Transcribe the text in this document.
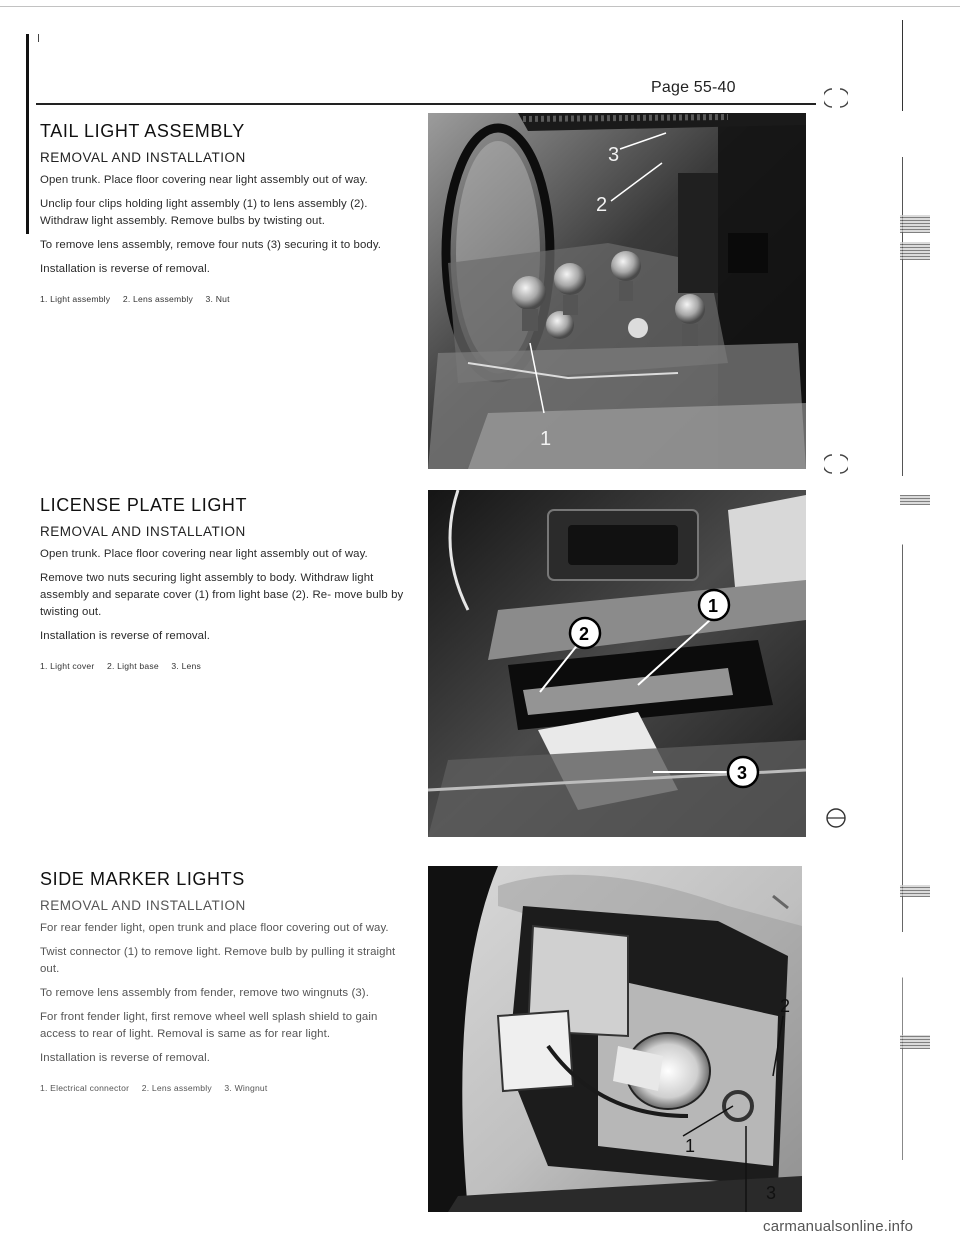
Page 55-40
TAIL LIGHT ASSEMBLY
REMOVAL AND INSTALLATION

Open trunk. Place floor covering near light assembly out of way.

Unclip four clips holding light assembly (1) to lens assembly (2). Withdraw light assembly. Remove bulbs by twisting out.

To remove lens assembly, remove four nuts (3) securing it to body.

Installation is reverse of removal.

1. Light assembly 2. Lens assembly 3. Nut
3
2
1
LICENSE PLATE LIGHT
REMOVAL AND INSTALLATION

Open trunk. Place floor covering near light assembly out of way.

Remove two nuts securing light assembly to body. Withdraw light assembly and separate cover (1) from light base (2). Re- move bulb by twisting out.

Installation is reverse of removal.

1. Light cover 2. Light base 3. Lens
2
1
3
SIDE MARKER LIGHTS
REMOVAL AND INSTALLATION

For rear fender light, open trunk and place floor covering out of way.

Twist connector (1) to remove light. Remove bulb by pulling it straight out.

To remove lens assembly from fender, remove two wingnuts (3).

For front fender light, first remove wheel well splash shield to gain access to rear of light. Removal is same as for rear light.

Installation is reverse of removal.

1. Electrical connector 2. Lens assembly 3. Wingnut
2
1
3
carmanualsonline.info
